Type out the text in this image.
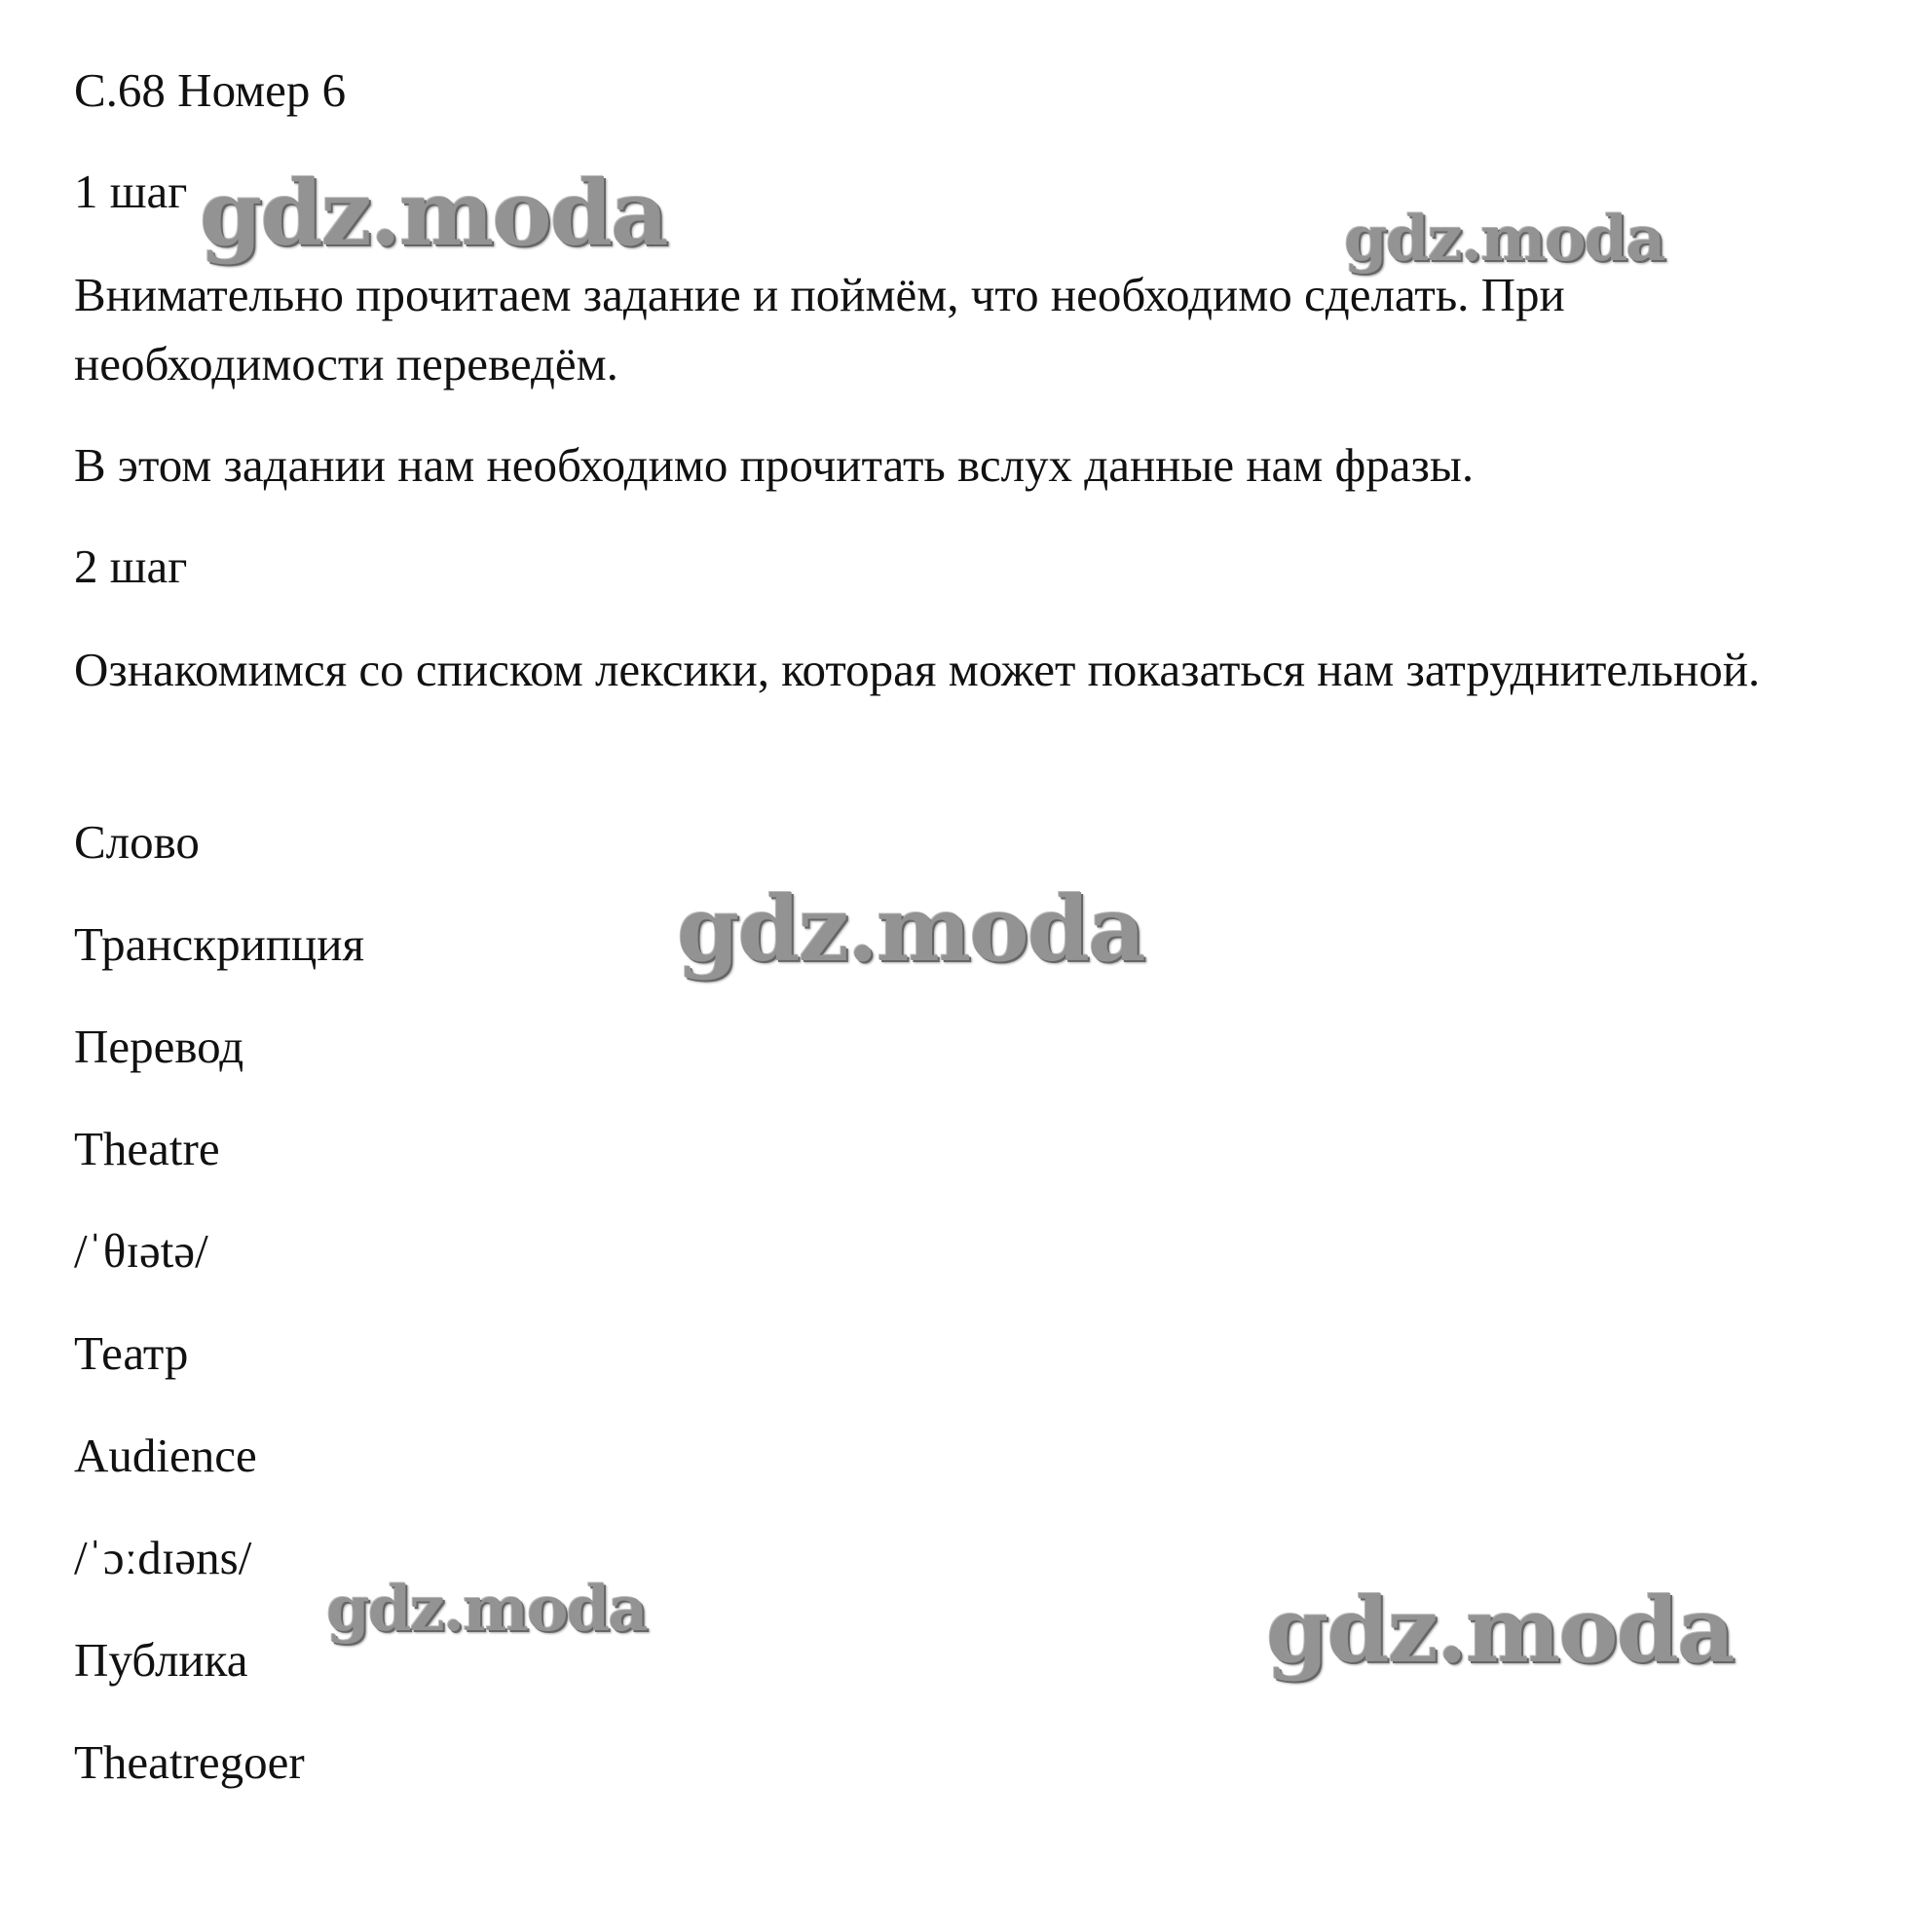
С.68 Номер 6

1 шаг

Внимательно прочитаем задание и поймём, что необходимо сделать. При необходимости переведём.

В этом задании нам необходимо прочитать вслух данные нам фразы.

2 шаг

Ознакомимся со списком лексики, которая может показаться нам затруднительной.

Слово

Транскрипция

Перевод

Theatre

/ˈθɪətə/

Театр

Audience

/ˈɔːdɪəns/

Публика

Theatregoer

gdz.moda	gdz.moda
gdz.moda
gdz.moda	gdz.moda
